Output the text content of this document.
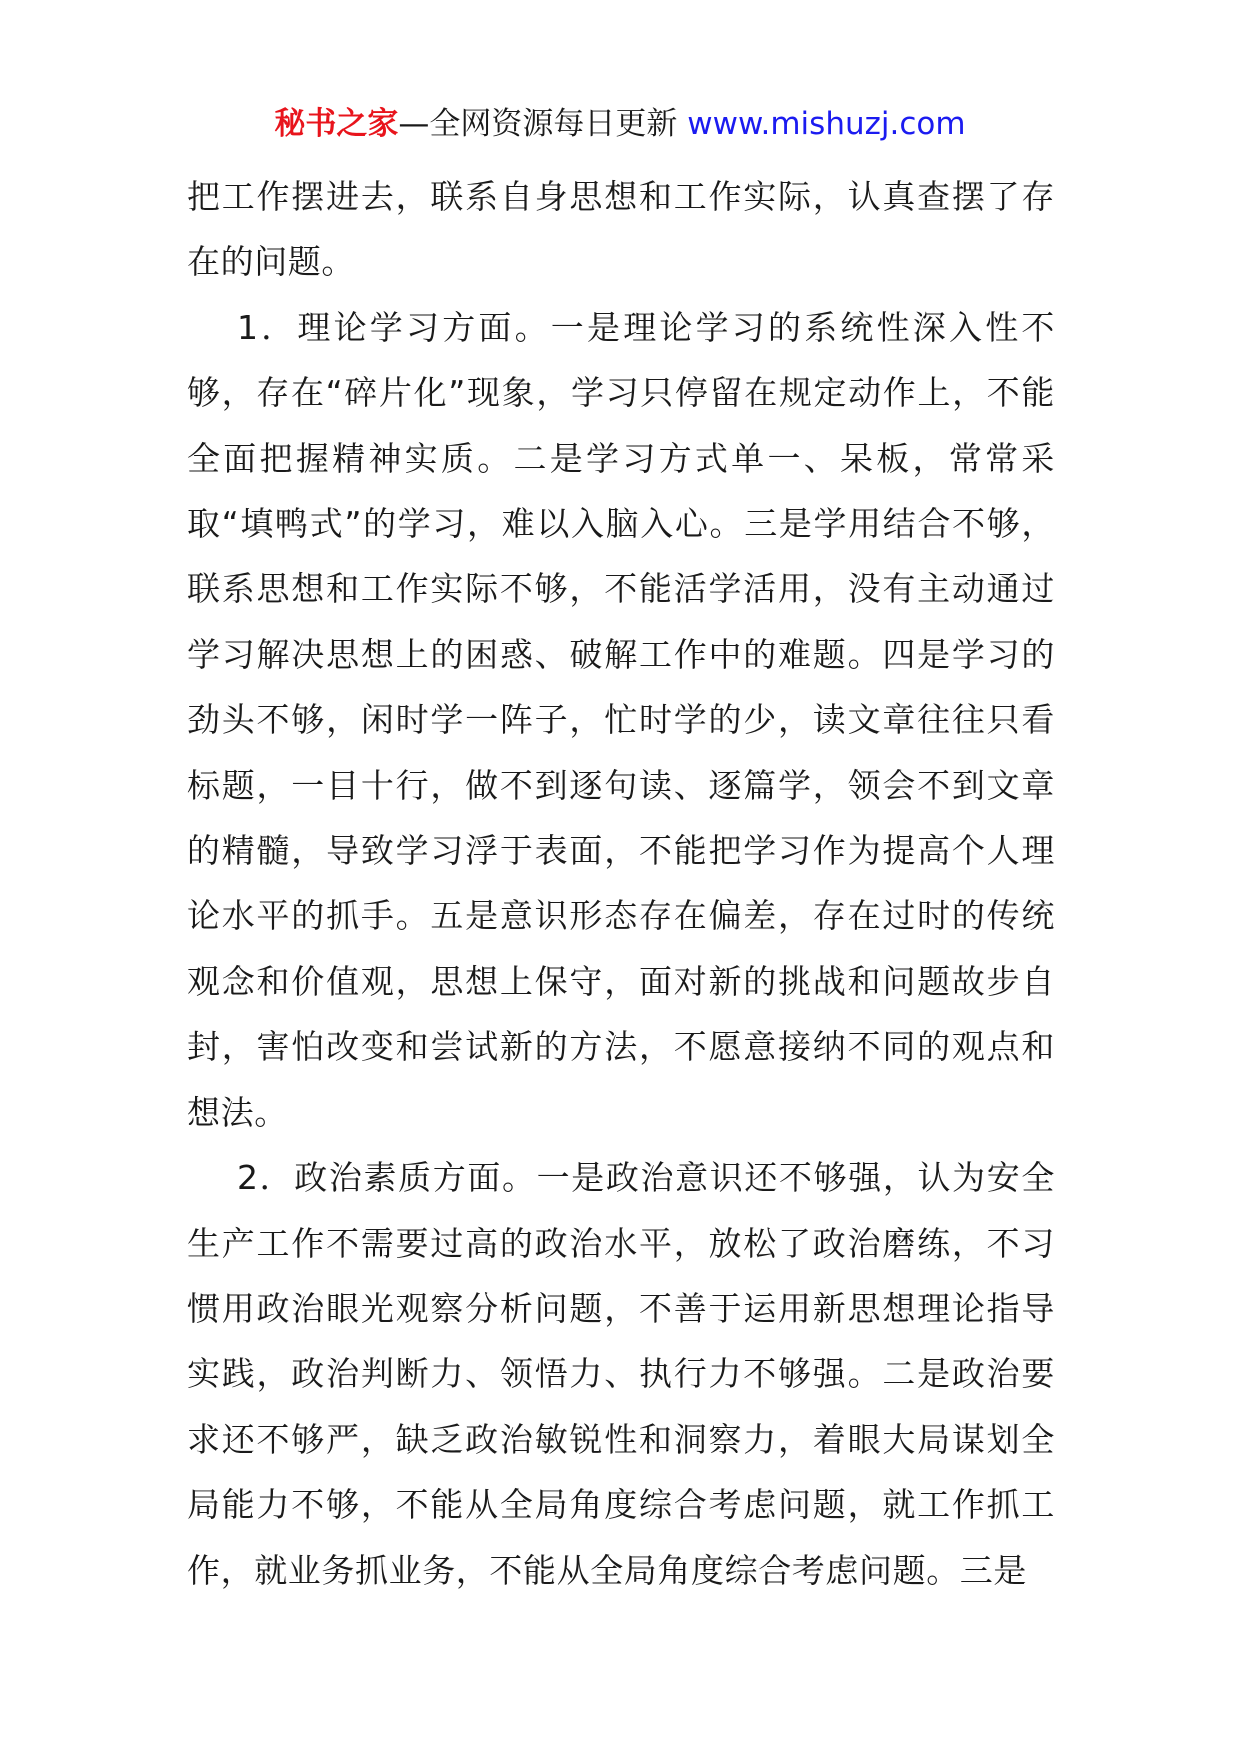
秘书之家—全网资源每日更新 www.mishuzj.com

把工作摆进去，联系自身思想和工作实际，认真查摆了存在的问题。

1．理论学习方面。一是理论学习的系统性深入性不够，存在“碎片化”现象，学习只停留在规定动作上，不能全面把握精神实质。二是学习方式单一、呆板，常常采取“填鸭式”的学习，难以入脑入心。三是学用结合不够，联系思想和工作实际不够，不能活学活用，没有主动通过学习解决思想上的困惑、破解工作中的难题。四是学习的劲头不够，闲时学一阵子，忙时学的少，读文章往往只看标题，一目十行，做不到逐句读、逐篇学，领会不到文章的精髓，导致学习浮于表面，不能把学习作为提高个人理论水平的抓手。五是意识形态存在偏差，存在过时的传统观念和价值观，思想上保守，面对新的挑战和问题故步自封，害怕改变和尝试新的方法，不愿意接纳不同的观点和想法。

2．政治素质方面。一是政治意识还不够强，认为安全生产工作不需要过高的政治水平，放松了政治磨练，不习惯用政治眼光观察分析问题，不善于运用新思想理论指导实践，政治判断力、领悟力、执行力不够强。二是政治要求还不够严，缺乏政治敏锐性和洞察力，着眼大局谋划全局能力不够，不能从全局角度综合考虑问题，就工作抓工作，就业务抓业务，不能从全局角度综合考虑问题。三是
